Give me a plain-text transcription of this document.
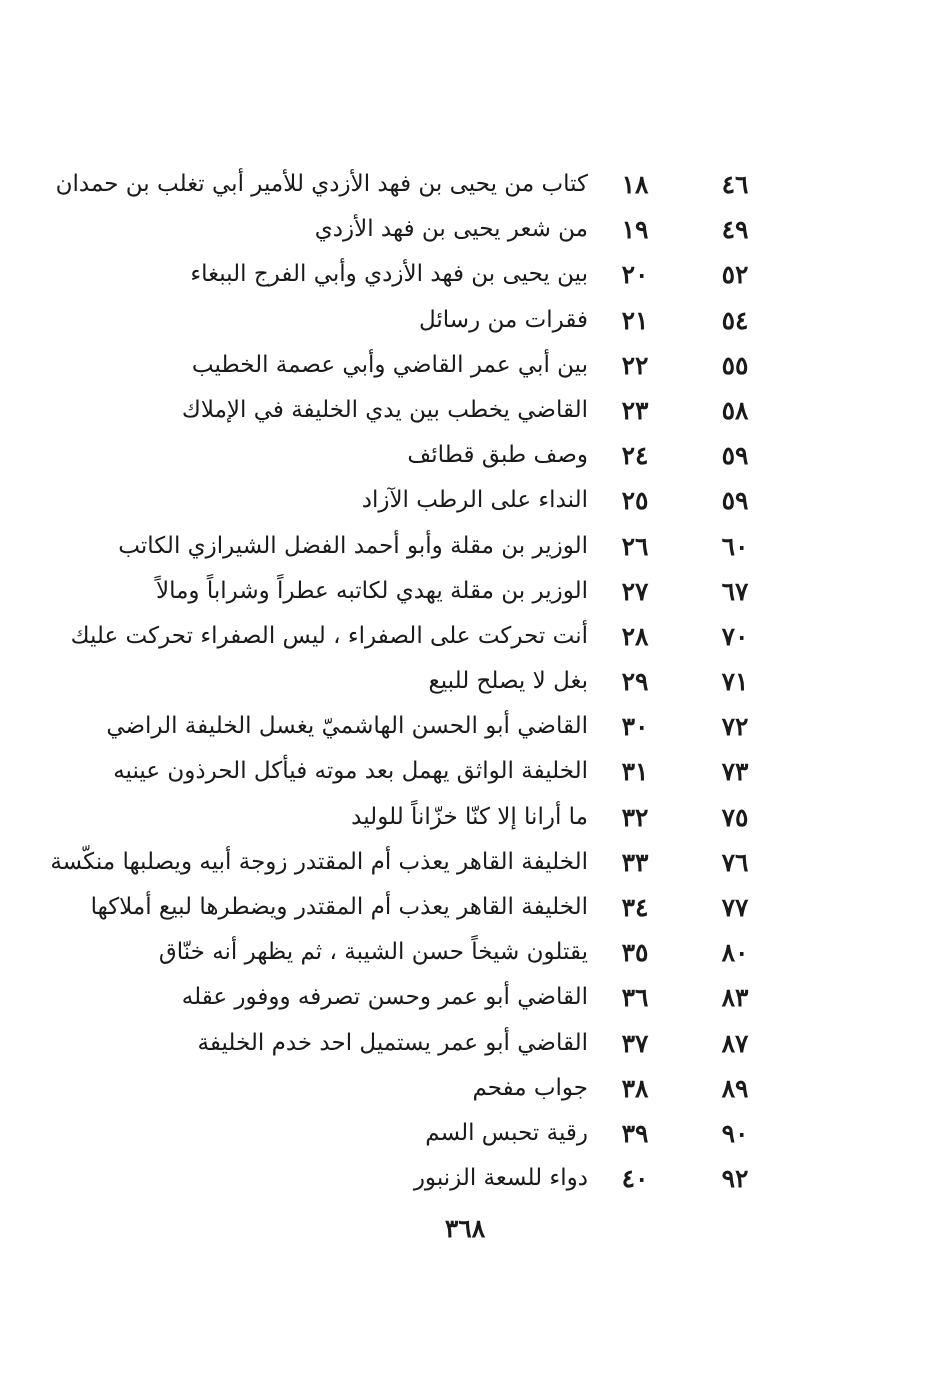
٤٦
١٨
كتاب من يحيى بن فهد الأزدي للأمير أبي تغلب بن حمدان
٤٩
١٩
من شعر يحيى بن فهد الأزدي
٥٢
٢٠
بين يحيى بن فهد الأزدي وأبي الفرج الببغاء
٥٤
٢١
فقرات من رسائل
٥٥
٢٢
بين أبي عمر القاضي وأبي عصمة الخطيب
٥٨
٢٣
القاضي يخطب بين يدي الخليفة في الإملاك
٥٩
٢٤
وصف طبق قطائف
٥٩
٢٥
النداء على الرطب الآزاد
٦٠
٢٦
الوزير بن مقلة وأبو أحمد الفضل الشيرازي الكاتب
٦٧
٢٧
الوزير بن مقلة يهدي لكاتبه عطراً وشراباً ومالاً
٧٠
٢٨
أنت تحركت على الصفراء ، ليس الصفراء تحركت عليك
٧١
٢٩
بغل لا يصلح للبيع
٧٢
٣٠
القاضي أبو الحسن الهاشميّ يغسل الخليفة الراضي
٧٣
٣١
الخليفة الواثق يهمل بعد موته فيأكل الحرذون عينيه
٧٥
٣٢
ما أرانا إلا كنّا خزّاناً للوليد
٧٦
٣٣
الخليفة القاهر يعذب أم المقتدر زوجة أبيه ويصلبها منكّسة
٧٧
٣٤
الخليفة القاهر يعذب أم المقتدر ويضطرها لبيع أملاكها
٨٠
٣٥
يقتلون شيخاً حسن الشيبة ، ثم يظهر أنه خنّاق
٨٣
٣٦
القاضي أبو عمر وحسن تصرفه ووفور عقله
٨٧
٣٧
القاضي أبو عمر يستميل احد خدم الخليفة
٨٩
٣٨
جواب مفحم
٩٠
٣٩
رقية تحبس السم
٩٢
٤٠
دواء للسعة الزنبور
٣٦٨
